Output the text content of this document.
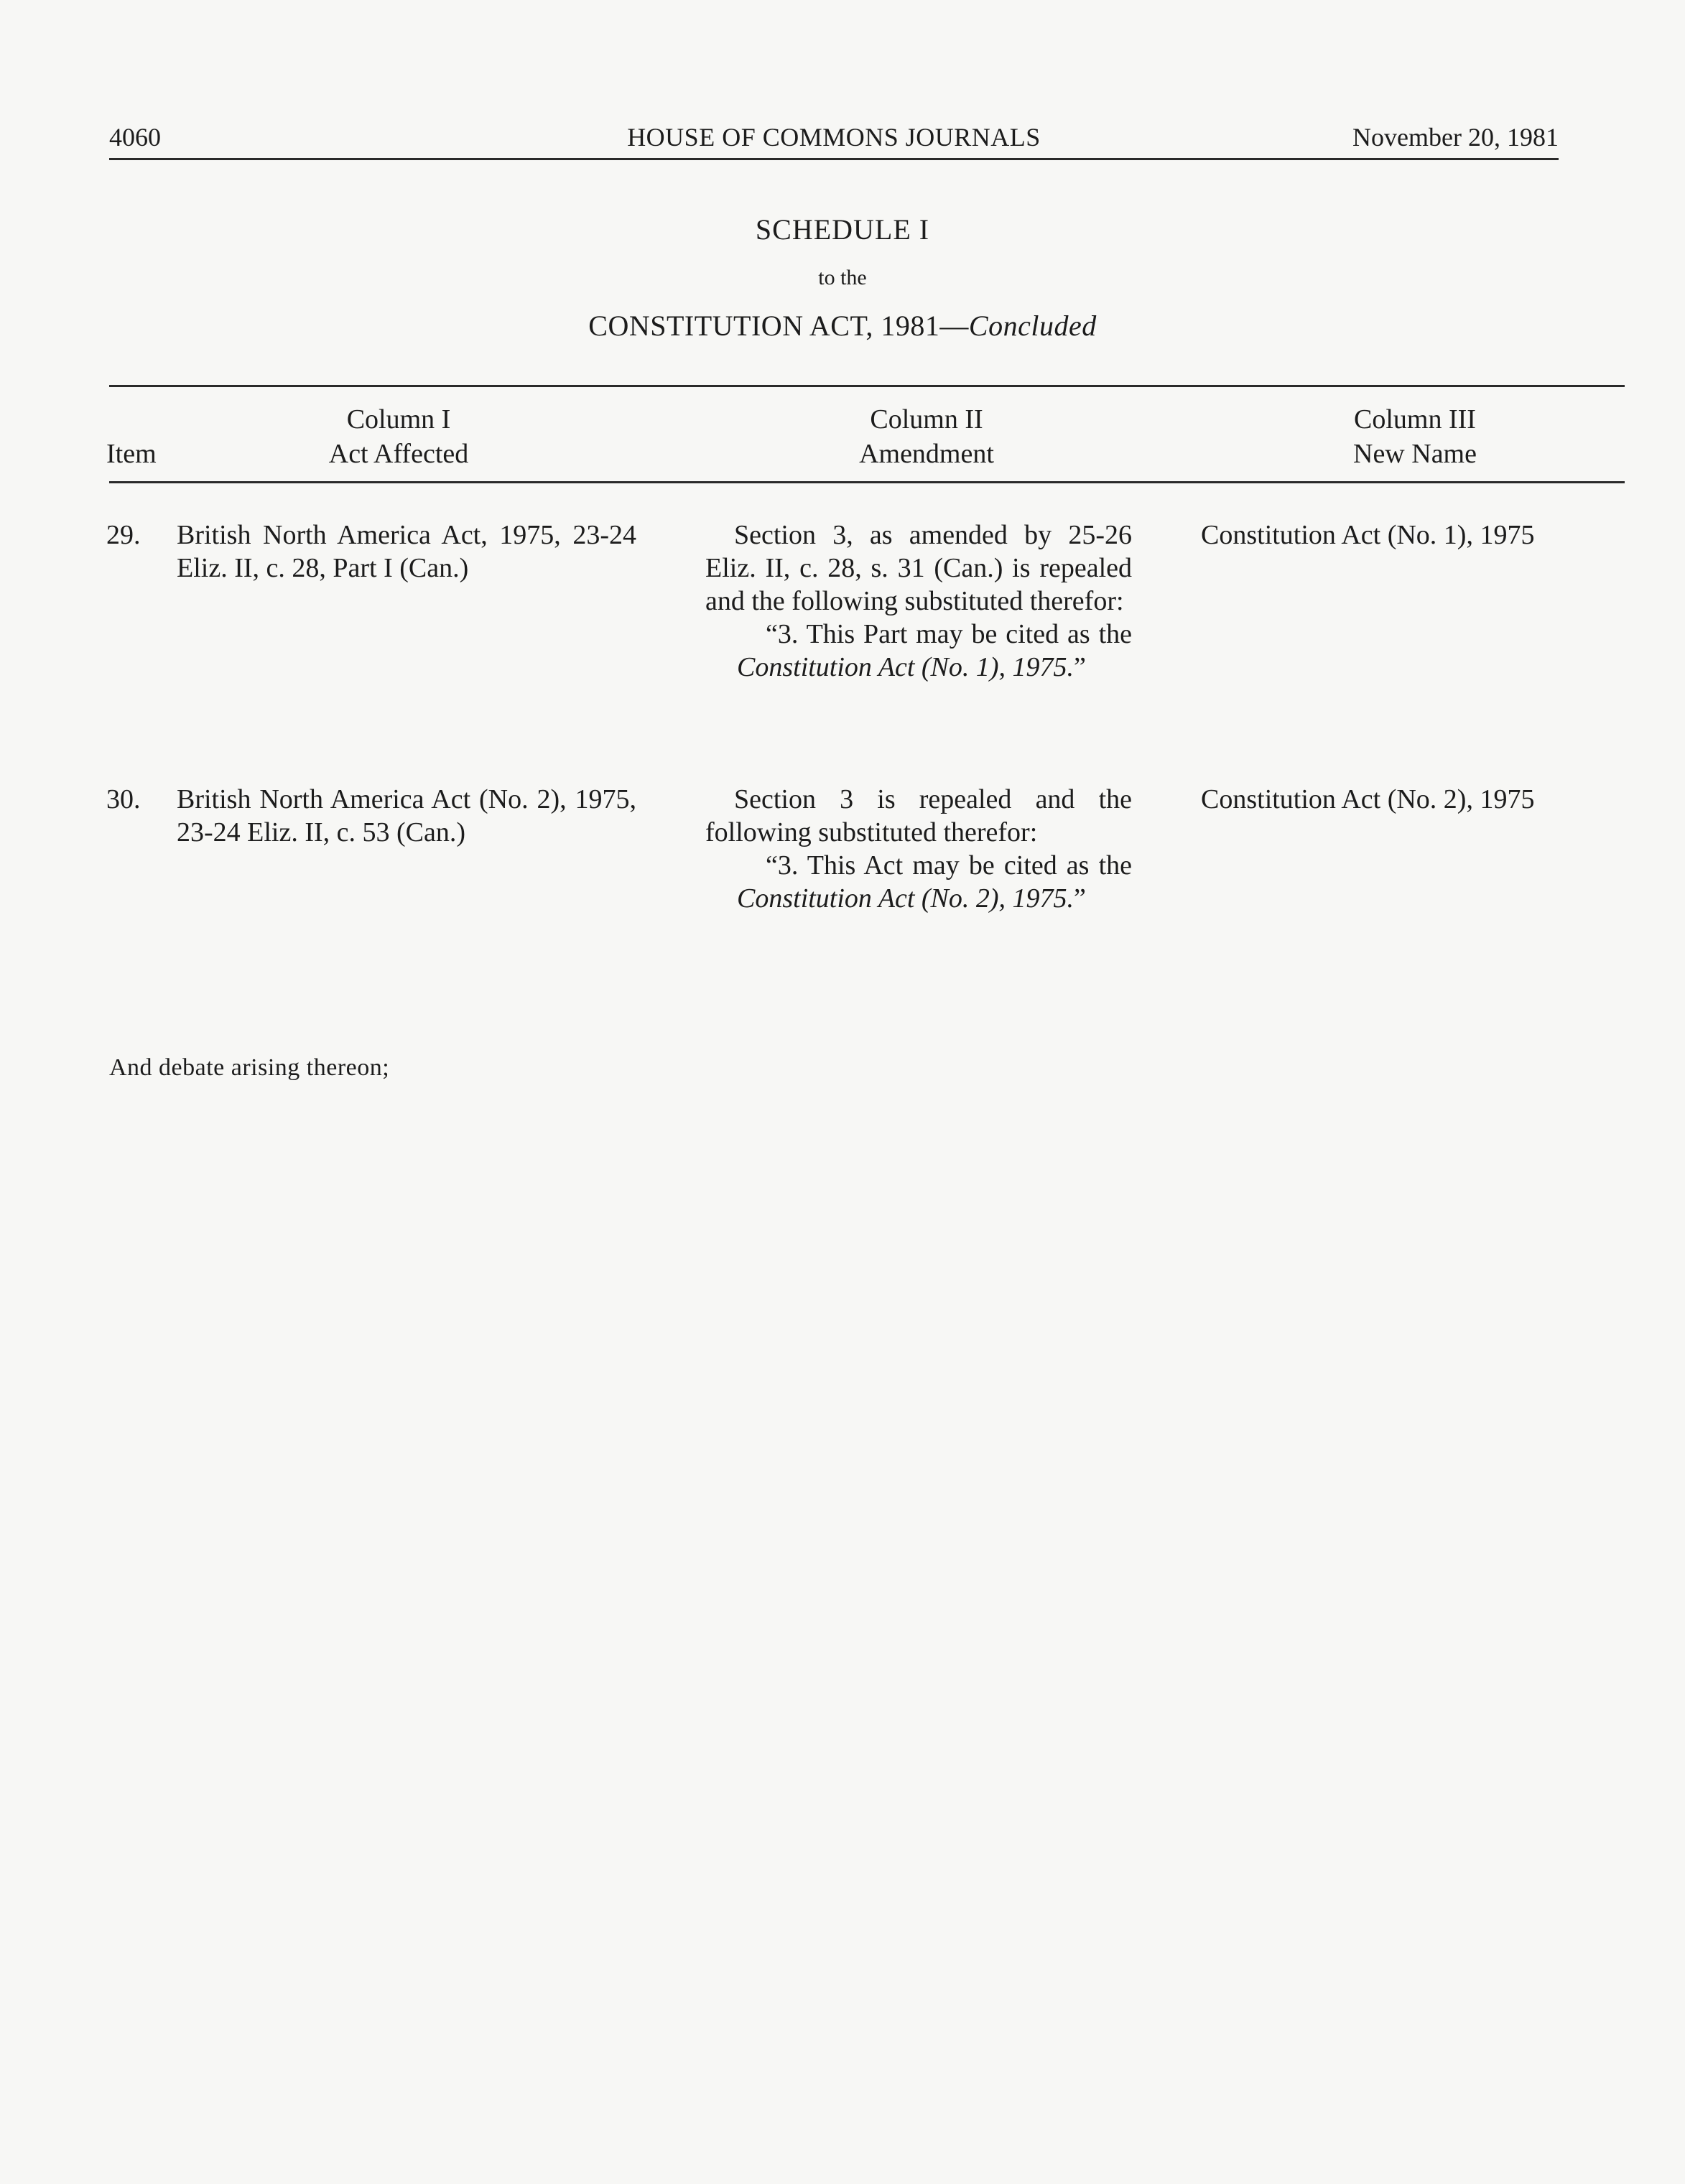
4060	HOUSE OF COMMONS JOURNALS	November 20, 1981
SCHEDULE I
to the
CONSTITUTION ACT, 1981—Concluded
Item
Column I
Act Affected
Column II
Amendment
Column III
New Name
29. British North America Act, 1975, 23-24 Eliz. II, c. 28, Part I (Can.)
Section 3, as amended by 25-26 Eliz. II, c. 28, s. 31 (Can.) is repealed and the following substituted therefor:
“3. This Part may be cited as the Constitution Act (No. 1), 1975.”
Constitution Act (No. 1), 1975
30. British North America Act (No. 2), 1975, 23-24 Eliz. II, c. 53 (Can.)
Section 3 is repealed and the following substituted therefor:
“3. This Act may be cited as the Constitution Act (No. 2), 1975.”
Constitution Act (No. 2), 1975
And debate arising thereon;
